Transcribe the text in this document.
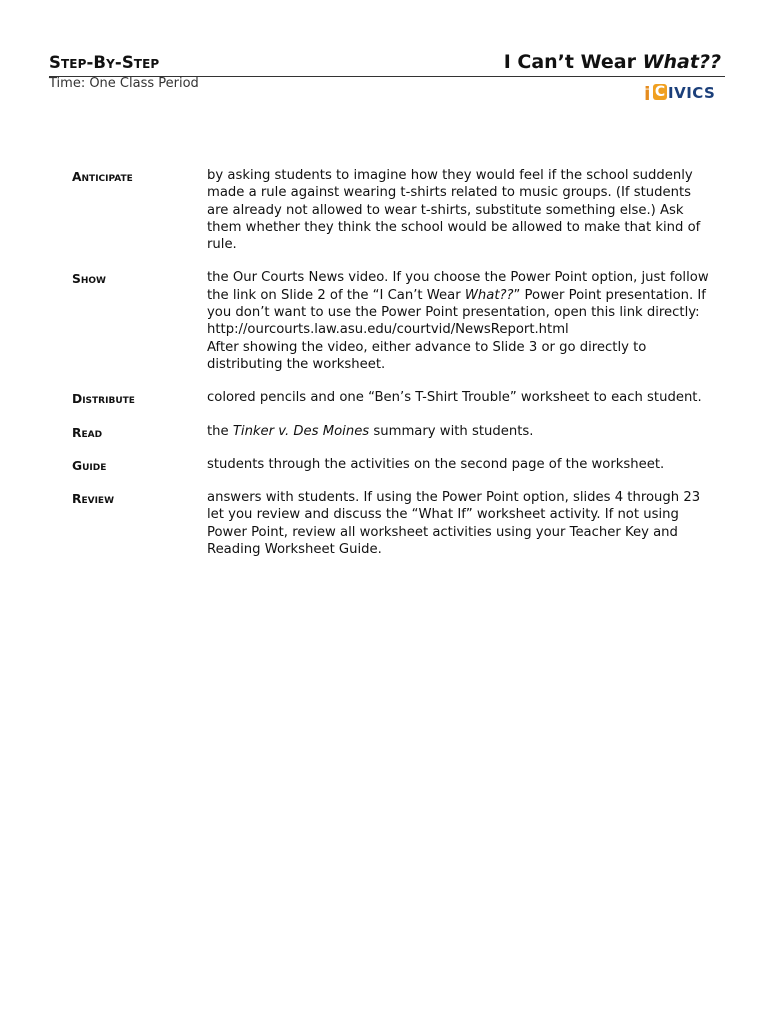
Step-By-Step	I Can’t Wear What??
Time: One Class Period	i C IVICS
Anticipate	by asking students to imagine how they would feel if the school suddenly made a rule against wearing t-shirts related to music groups. (If students are already not allowed to wear t-shirts, substitute something else.) Ask them whether they think the school would be allowed to make that kind of rule.
Show	the Our Courts News video. If you choose the Power Point option, just follow the link on Slide 2 of the “I Can’t Wear What??” Power Point presentation. If you don’t want to use the Power Point presentation, open this link directly:
http://ourcourts.law.asu.edu/courtvid/NewsReport.html
After showing the video, either advance to Slide 3 or go directly to distributing the worksheet.
Distribute	colored pencils and one “Ben’s T-Shirt Trouble” worksheet to each student.
Read	the Tinker v. Des Moines summary with students.
Guide	students through the activities on the second page of the worksheet.
Review	answers with students. If using the Power Point option, slides 4 through 23 let you review and discuss the “What If” worksheet activity. If not using Power Point, review all worksheet activities using your Teacher Key and Reading Worksheet Guide.
